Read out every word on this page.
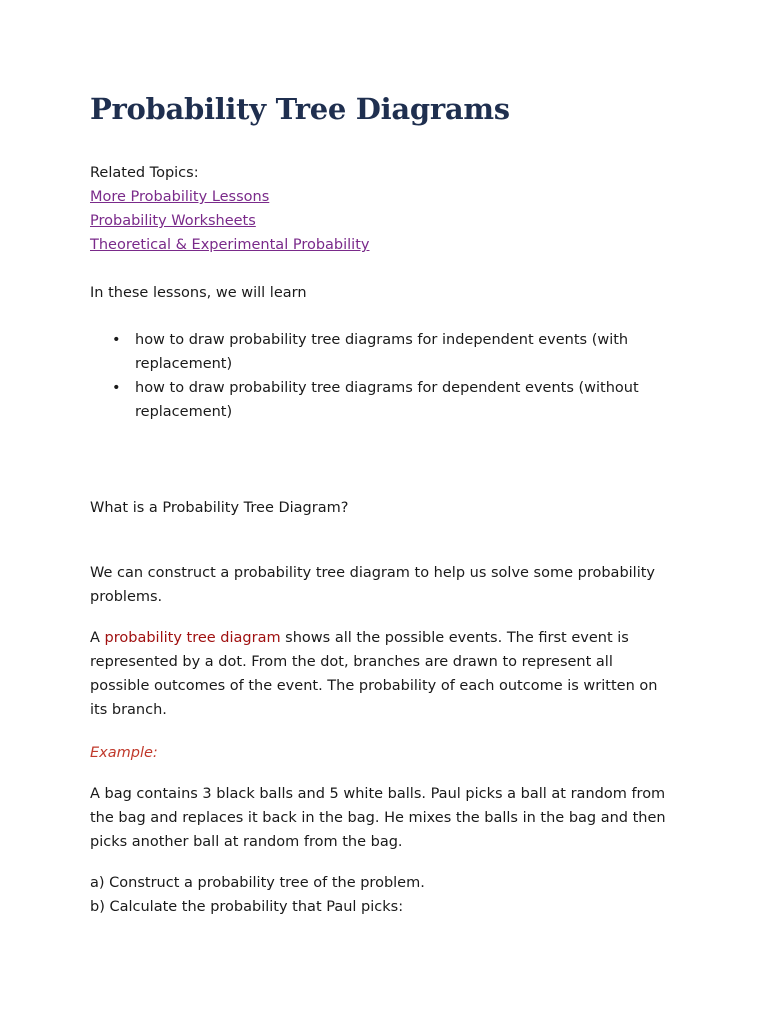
Probability Tree Diagrams
Related Topics:
More Probability Lessons
Probability Worksheets
Theoretical & Experimental Probability
In these lessons, we will learn
• how to draw probability tree diagrams for independent events (with
replacement)
• how to draw probability tree diagrams for dependent events (without
replacement)
What is a Probability Tree Diagram?

We can construct a probability tree diagram to help us solve some probability
problems.

A probability tree diagram shows all the possible events. The first event is
represented by a dot. From the dot, branches are drawn to represent all
possible outcomes of the event. The probability of each outcome is written on
its branch.

Example:

A bag contains 3 black balls and 5 white balls. Paul picks a ball at random from
the bag and replaces it back in the bag. He mixes the balls in the bag and then
picks another ball at random from the bag.

a) Construct a probability tree of the problem.
b) Calculate the probability that Paul picks:
